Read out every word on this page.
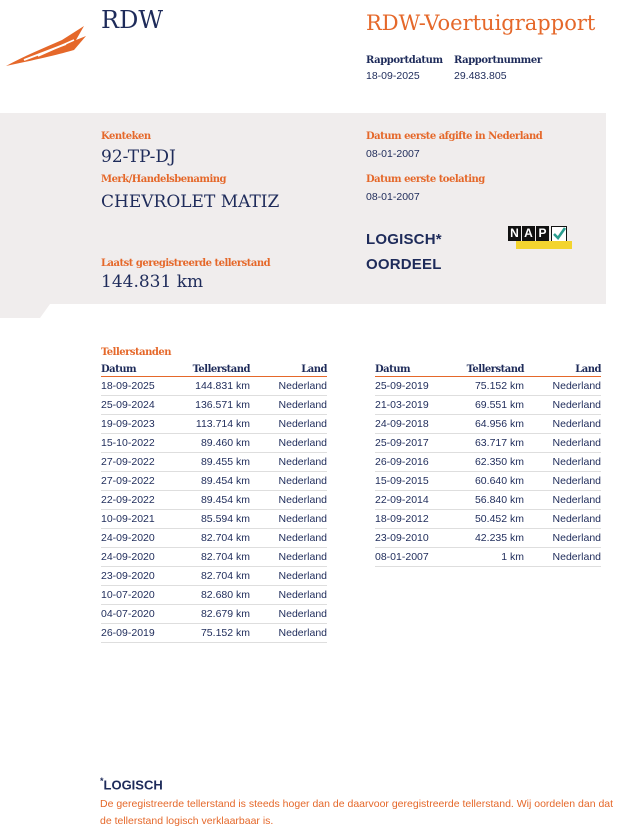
RDW	RDW-Voertuigrapport
Rapportdatum
18-09-2025
Rapportnummer
29.483.805
Kenteken
92-TP-DJ
Merk/Handelsbenaming
CHEVROLET MATIZ
Laatst geregistreerde tellerstand
144.831 km
Datum eerste afgifte in Nederland
08-01-2007
Datum eerste toelating
08-01-2007
LOGISCH*
OORDEEL
N A P
Tellerstanden
Datum	Tellerstand	Land
18-09-2025	144.831 km	Nederland
25-09-2024	136.571 km	Nederland
19-09-2023	113.714 km	Nederland
15-10-2022	89.460 km	Nederland
27-09-2022	89.455 km	Nederland
27-09-2022	89.454 km	Nederland
22-09-2022	89.454 km	Nederland
10-09-2021	85.594 km	Nederland
24-09-2020	82.704 km	Nederland
24-09-2020	82.704 km	Nederland
23-09-2020	82.704 km	Nederland
10-07-2020	82.680 km	Nederland
04-07-2020	82.679 km	Nederland
26-09-2019	75.152 km	Nederland
Datum	Tellerstand	Land
25-09-2019	75.152 km	Nederland
21-03-2019	69.551 km	Nederland
24-09-2018	64.956 km	Nederland
25-09-2017	63.717 km	Nederland
26-09-2016	62.350 km	Nederland
15-09-2015	60.640 km	Nederland
22-09-2014	56.840 km	Nederland
18-09-2012	50.452 km	Nederland
23-09-2010	42.235 km	Nederland
08-01-2007	1 km	Nederland
*LOGISCH
De geregistreerde tellerstand is steeds hoger dan de daarvoor geregistreerde tellerstand. Wij oordelen dan dat de tellerstand logisch verklaarbaar is.
